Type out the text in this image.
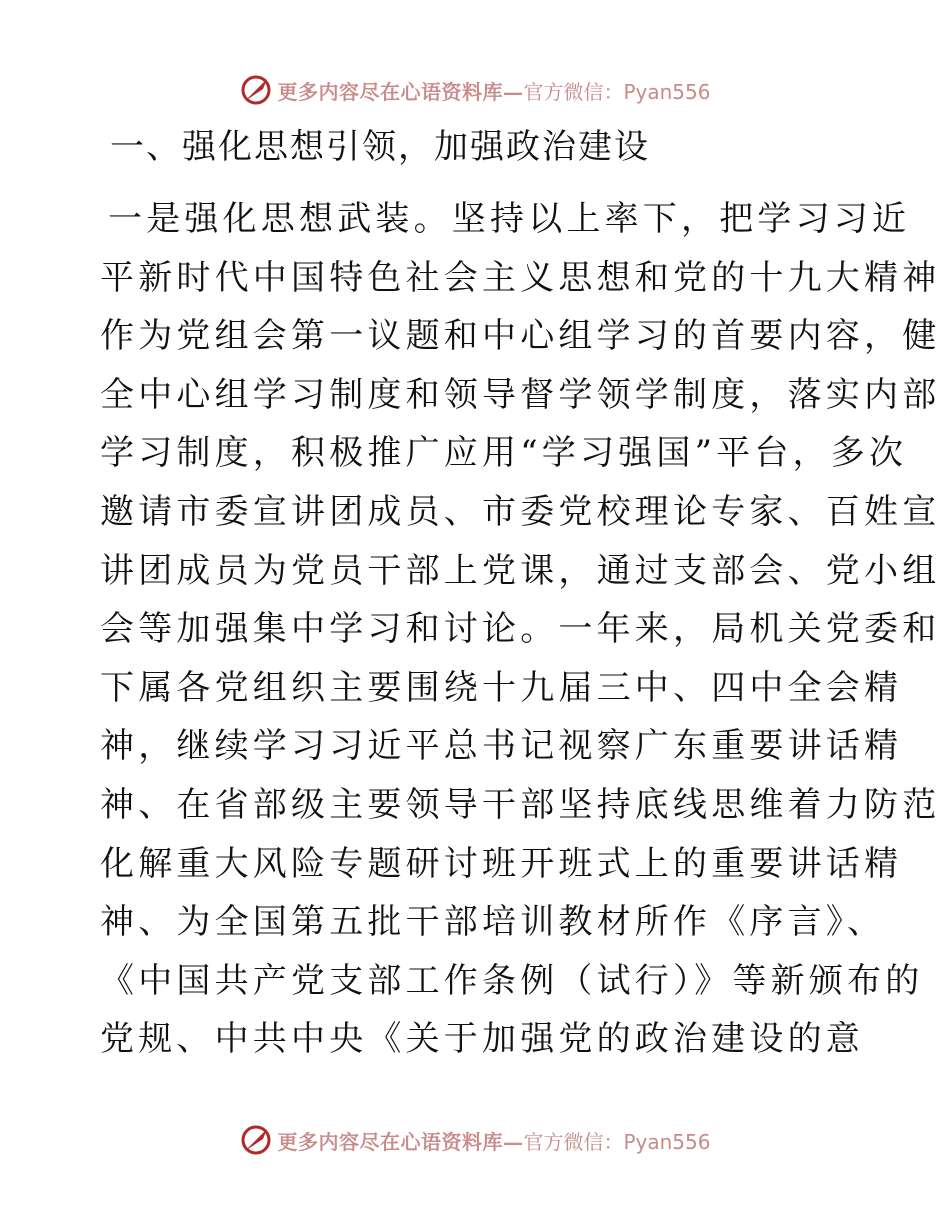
更多内容尽在心语资料库— 官方微信：Pyan556
一、强化思想引领，加强政治建设
一是强化思想武装。坚持以上率下，把学习习近
平新时代中国特色社会主义思想和党的十九大精神
作为党组会第一议题和中心组学习的首要内容，健
全中心组学习制度和领导督学领学制度，落实内部
学习制度，积极推广应用“学习强国”平台，多次
邀请市委宣讲团成员、市委党校理论专家、百姓宣
讲团成员为党员干部上党课，通过支部会、党小组
会等加强集中学习和讨论。一年来，局机关党委和
下属各党组织主要围绕十九届三中、四中全会精
神，继续学习习近平总书记视察广东重要讲话精
神、在省部级主要领导干部坚持底线思维着力防范
化解重大风险专题研讨班开班式上的重要讲话精
神、为全国第五批干部培训教材所作《序言》、
《中国共产党支部工作条例（试行）》等新颁布的
党规、中共中央《关于加强党的政治建设的意
更多内容尽在心语资料库— 官方微信：Pyan556
